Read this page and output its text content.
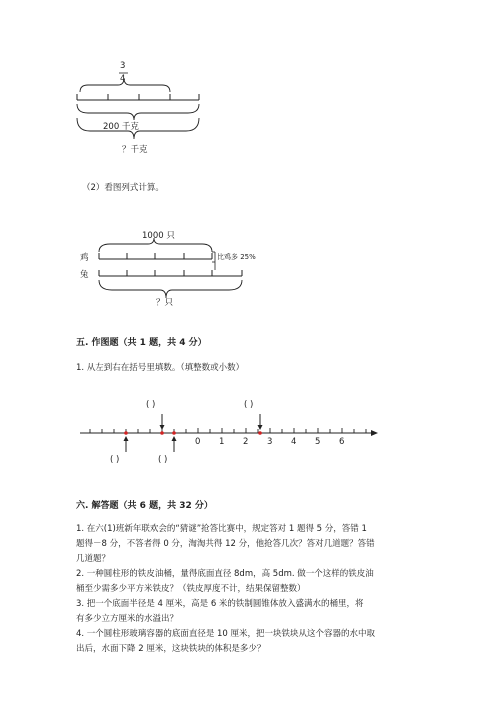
3
4
200 千克
？千克
（2）看图列式计算。
1000 只
鸡
兔
比鸡多 25%
？只
五. 作图题（共 1 题，共 4 分）
1. 从左到右在括号里填数。（填整数或小数）
( )	( )
( )	( )
0 1 2 3 4 5 6
六. 解答题（共 6 题，共 32 分）
1. 在六(1)班新年联欢会的“猜谜”抢答比赛中，规定答对 1 题得 5 分，答错 1
题得－8 分，不答者得 0 分，淘淘共得 12 分，他抢答几次？答对几道题？答错
几道题？
2. 一种圆柱形的铁皮油桶，量得底面直径 8dm，高 5dm. 做一个这样的铁皮油
桶至少需多少平方米铁皮？（铁皮厚度不计，结果保留整数）
3. 把一个底面半径是 4 厘米，高是 6 米的铁制圆锥体放入盛满水的桶里，将
有多少立方厘米的水溢出？
4. 一个圆柱形玻璃容器的底面直径是 10 厘米，把一块铁块从这个容器的水中取
出后，水面下降 2 厘米，这块铁块的体积是多少？
